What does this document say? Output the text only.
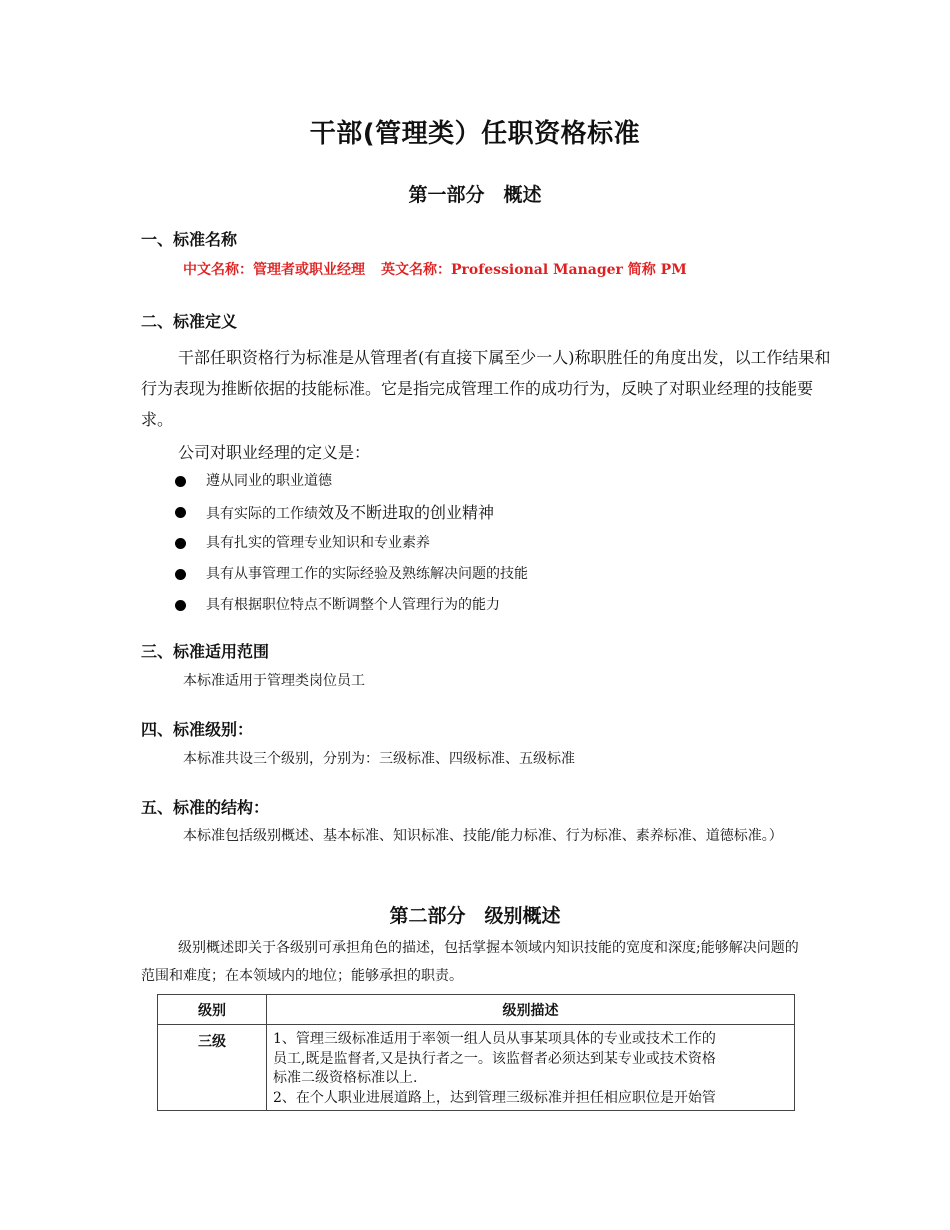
干部(管理类）任职资格标准
第一部分　概述
一、标准名称
中文名称：管理者或职业经理 英文名称：Professional Manager 简称 PM
二、标准定义
干部任职资格行为标准是从管理者(有直接下属至少一人)称职胜任的角度出发，以工作结果和行为表现为推断依据的技能标准。它是指完成管理工作的成功行为，反映了对职业经理的技能要求。
公司对职业经理的定义是：
遵从同业的职业道德
具有实际的工作绩效及不断进取的创业精神
具有扎实的管理专业知识和专业素养
具有从事管理工作的实际经验及熟练解决问题的技能
具有根据职位特点不断调整个人管理行为的能力
三、标准适用范围
本标准适用于管理类岗位员工
四、标准级别：
本标准共设三个级别，分别为：三级标准、四级标准、五级标准
五、标准的结构：
本标准包括级别概述、基本标准、知识标准、技能/能力标准、行为标准、素养标准、道德标准。）
第二部分　级别概述
级别概述即关于各级别可承担角色的描述，包括掌握本领域内知识技能的宽度和深度;能够解决问题的范围和难度；在本领域内的地位；能够承担的职责。
级别	级别描述
三级	1、管理三级标准适用于率领一组人员从事某项具体的专业或技术工作的
员工,既是监督者,又是执行者之一。该监督者必须达到某专业或技术资格
标准二级资格标准以上.
2、在个人职业进展道路上，达到管理三级标准并担任相应职位是开始管
